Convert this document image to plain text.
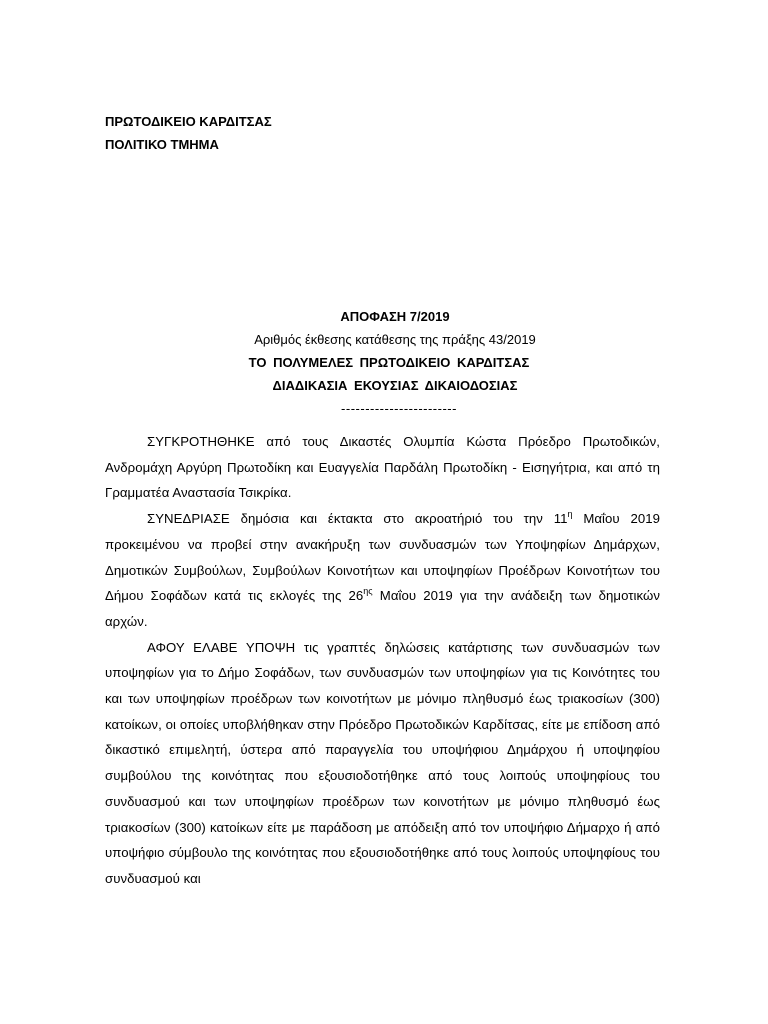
ΠΡΩΤΟΔΙΚΕΙΟ ΚΑΡΔΙΤΣΑΣ
ΠΟΛΙΤΙΚΟ ΤΜΗΜΑ
ΑΠΟΦΑΣΗ 7/2019
Αριθμός έκθεσης κατάθεσης της πράξης 43/2019
ΤΟ ΠΟΛΥΜΕΛΕΣ ΠΡΩΤΟΔΙΚΕΙΟ ΚΑΡΔΙΤΣΑΣ
ΔΙΑΔΙΚΑΣΙΑ ΕΚΟΥΣΙΑΣ ΔΙΚΑΙΟΔΟΣΙΑΣ
------------------------

ΣΥΓΚΡΟΤΗΘΗΚΕ από τους Δικαστές Ολυμπία Κώστα Πρόεδρο Πρωτοδικών, Ανδρομάχη Αργύρη Πρωτοδίκη και Ευαγγελία Παρδάλη Πρωτοδίκη - Εισηγήτρια, και από τη Γραμματέα Αναστασία Τσικρίκα.

ΣΥΝΕΔΡΙΑΣΕ δημόσια και έκτακτα στο ακροατήριό του την $11^\eta$ Μαΐου 2019 προκειμένου να προβεί στην ανακήρυξη των συνδυασμών των Υποψηφίων Δημάρχων, Δημοτικών Συμβούλων, Συμβούλων Κοινοτήτων και υποψηφίων Προέδρων Κοινοτήτων του Δήμου Σοφάδων κατά τις εκλογές της $26^{\eta\varsigma}$ Μαΐου 2019 για την ανάδειξη των δημοτικών αρχών.

ΑΦΟΥ ΕΛΑΒΕ ΥΠΟΨΗ τις γραπτές δηλώσεις κατάρτισης των συνδυασμών των υποψηφίων για το Δήμο Σοφάδων, των συνδυασμών των υποψηφίων για τις Κοινότητες του και των υποψηφίων προέδρων των κοινοτήτων με μόνιμο πληθυσμό έως τριακοσίων (300) κατοίκων, οι οποίες υποβλήθηκαν στην Πρόεδρο Πρωτοδικών Καρδίτσας, είτε με επίδοση από δικαστικό επιμελητή, ύστερα από παραγγελία του υποψήφιου Δημάρχου ή υποψηφίου συμβούλου της κοινότητας που εξουσιοδοτήθηκε από τους λοιπούς υποψηφίους του συνδυασμού και των υποψηφίων προέδρων των κοινοτήτων με μόνιμο πληθυσμό έως τριακοσίων (300) κατοίκων είτε με παράδοση με απόδειξη από τον υποψήφιο Δήμαρχο ή από υποψήφιο σύμβουλο της κοινότητας που εξουσιοδοτήθηκε από τους λοιπούς υποψηφίους του συνδυασμού και
